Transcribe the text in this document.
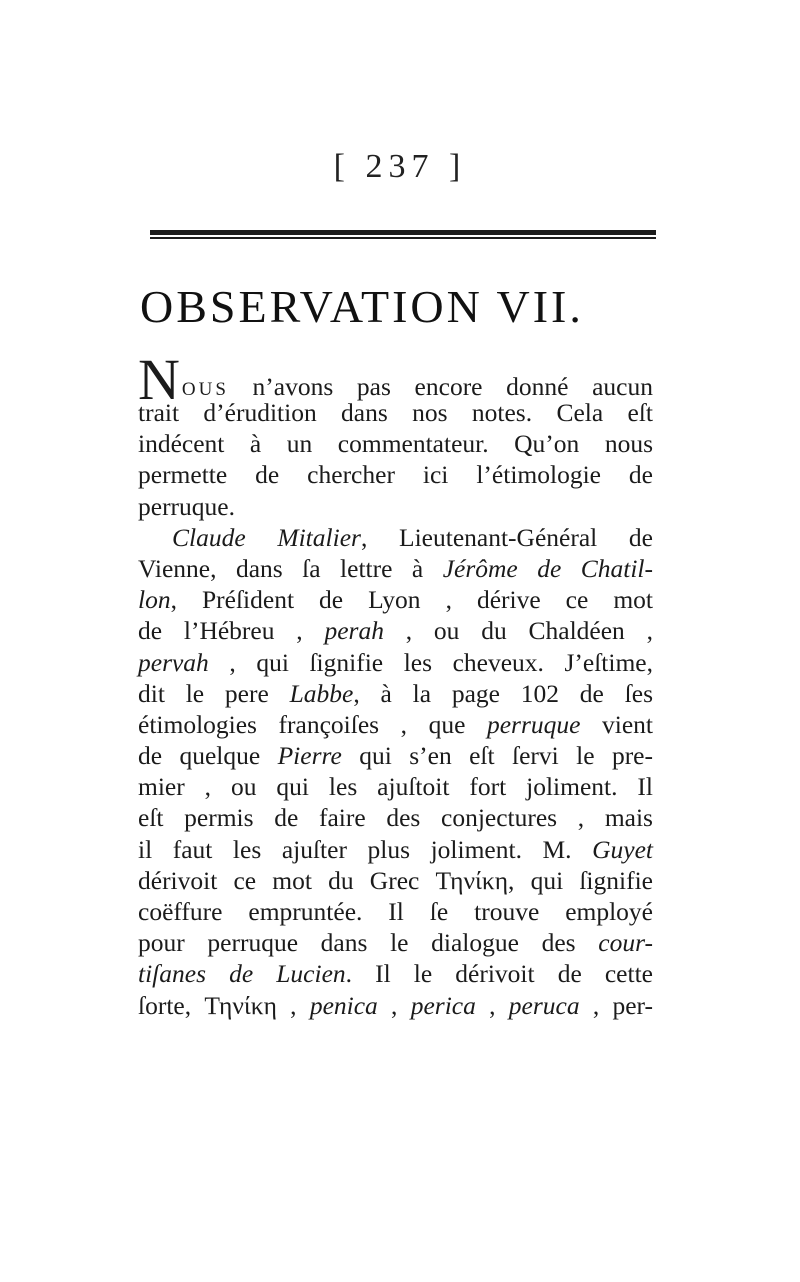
[ 237 ]
OBSERVATION VII.
NOUS n’avons pas encore donné aucun
trait d’érudition dans nos notes. Cela eſt
indécent à un commentateur. Qu’on nous
permette de chercher ici l’étimologie de
perruque.
Claude Mitalier, Lieutenant-Général de
Vienne, dans ſa lettre à Jérôme de Chatil-
lon, Préſident de Lyon , dérive ce mot
de l’Hébreu , perah , ou du Chaldéen ,
pervah , qui ſignifie les cheveux. J’eſtime,
dit le pere Labbe, à la page 102 de ſes
étimologies françoiſes , que perruque vient
de quelque Pierre qui s’en eſt ſervi le pre-
mier , ou qui les ajuſtoit fort joliment. Il
eſt permis de faire des conjectures , mais
il faut les ajuſter plus joliment. M. Guyet
dérivoit ce mot du Grec Τηνίκη, qui ſignifie
coëffure empruntée. Il ſe trouve employé
pour perruque dans le dialogue des cour-
tiſanes de Lucien. Il le dérivoit de cette
ſorte, Τηνίκη , penica , perica , peruca , per-
